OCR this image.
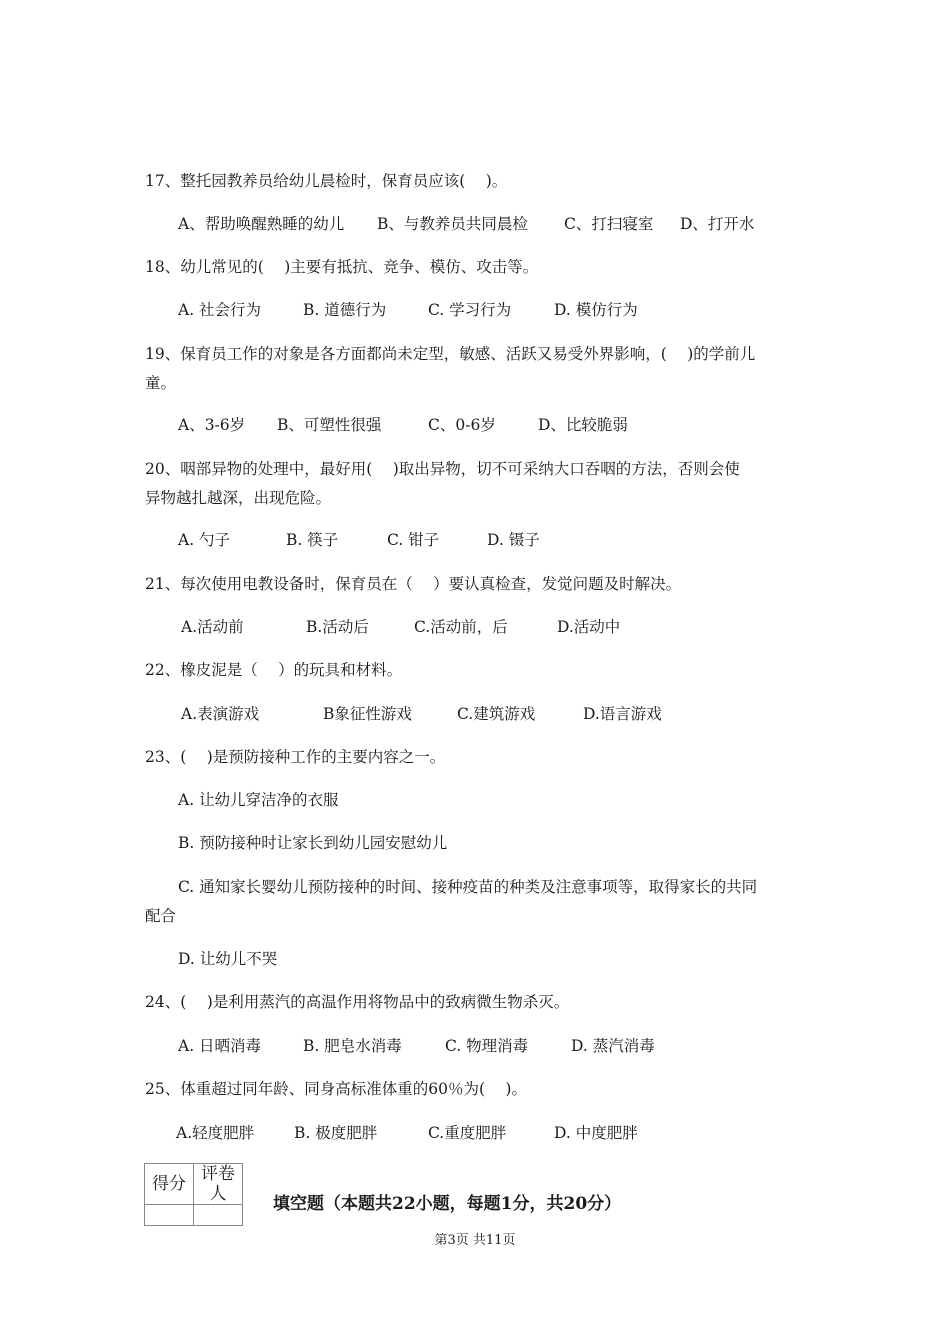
17、整托园教养员给幼儿晨检时，保育员应该(　 )。
A、帮助唤醒熟睡的幼儿 B、与教养员共同晨检 C、打扫寝室 D、打开水
18、幼儿常见的(　 )主要有抵抗、竞争、模仿、攻击等。
A. 社会行为	B. 道德行为	C. 学习行为	D. 模仿行为
19、保育员工作的对象是各方面都尚未定型，敏感、活跃又易受外界影响，(　 )的学前儿
童。
A、3-6岁 B、可塑性很强	C、0-6岁	D、比较脆弱
20、咽部异物的处理中，最好用(　 )取出异物，切不可采纳大口吞咽的方法，否则会使
异物越扎越深，出现危险。
A. 勺子	B. 筷子	C. 钳子	D. 镊子
21、每次使用电教设备时，保育员在（　 ）要认真检查，发觉问题及时解决。
A.活动前	B.活动后	C.活动前，后	D.活动中
22、橡皮泥是（　 ）的玩具和材料。
A.表演游戏	B象征性游戏	C.建筑游戏	D.语言游戏
23、(　 )是预防接种工作的主要内容之一。
A. 让幼儿穿洁净的衣服
B. 预防接种时让家长到幼儿园安慰幼儿
C. 通知家长婴幼儿预防接种的时间、接种疫苗的种类及注意事项等，取得家长的共同
配合
D. 让幼儿不哭
24、(　 )是利用蒸汽的高温作用将物品中的致病微生物杀灭。
A. 日晒消毒	B. 肥皂水消毒	C. 物理消毒	D. 蒸汽消毒
25、体重超过同年龄、同身高标准体重的60％为(　 )。
A.轻度肥胖	B. 极度肥胖	C.重度肥胖	D. 中度肥胖
得分	评卷人
		填空题（本题共22小题，每题1分，共20分）
第3页 共11页
